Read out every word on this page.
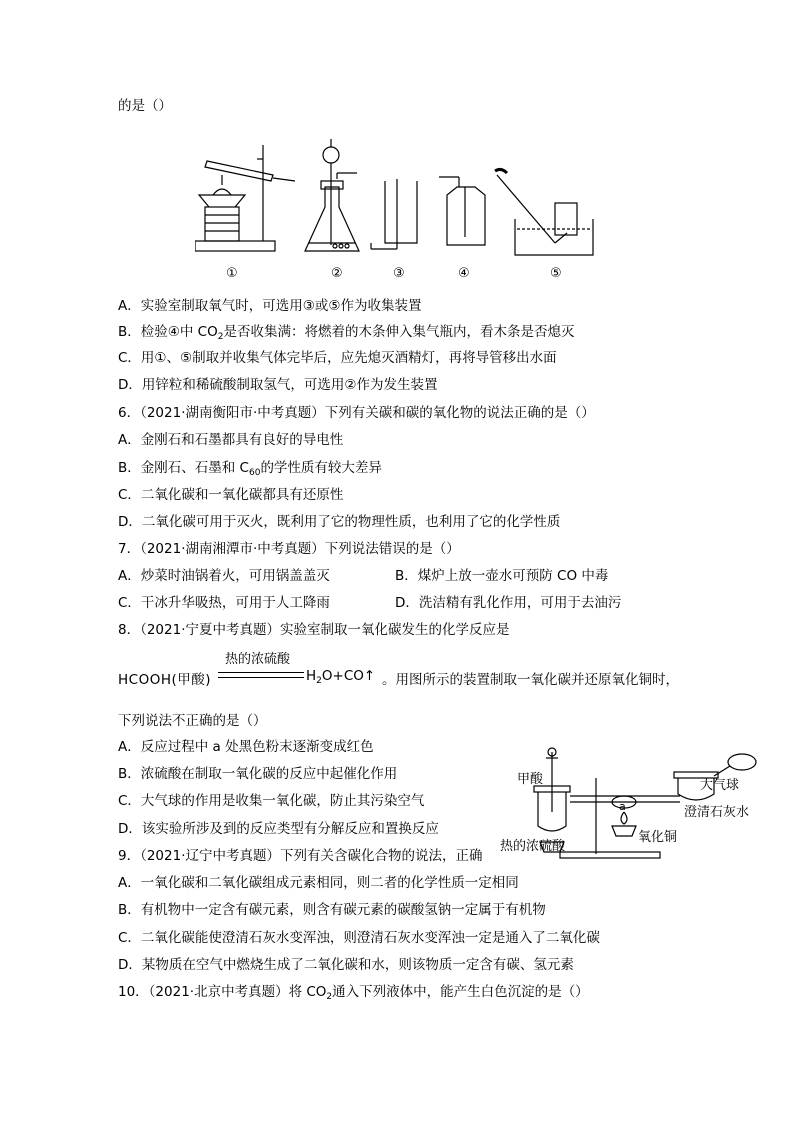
的是（）
①	②	③	④	⑤
A．实验室制取氧气时，可选用③或⑤作为收集装置
B．检验④中 $CO_2$是否收集满：将燃着的木条伸入集气瓶内，看木条是否熄灭
C．用①、⑤制取并收集气体完毕后，应先熄灭酒精灯，再将导管移出水面
D．用锌粒和稀硫酸制取氢气，可选用②作为发生装置
6．（2021·湖南衡阳市·中考真题）下列有关碳和碳的氧化物的说法正确的是（）
A．金刚石和石墨都具有良好的导电性
B．金刚石、石墨和 $C_{60}$的学性质有较大差异
C．二氧化碳和一氧化碳都具有还原性
D．二氧化碳可用于灭火，既利用了它的物理性质，也利用了它的化学性质
7．（2021·湖南湘潭市·中考真题）下列说法错误的是（）
A．炒菜时油锅着火，可用锅盖盖灭	B．煤炉上放一壶水可预防 CO 中毒
C．干冰升华吸热，可用于人工降雨	D．洗洁精有乳化作用，可用于去油污
8．（2021·宁夏中考真题）实验室制取一氧化碳发生的化学反应是
HCOOH(甲酸)
热的浓硫酸
$H_2O+CO↑$ 。用图所示的装置制取一氧化碳并还原氧化铜时，
下列说法不正确的是（）
A．反应过程中 a 处黑色粉末逐渐变成红色
B．浓硫酸在制取一氧化碳的反应中起催化作用
C．大气球的作用是收集一氧化碳，防止其污染空气
D．该实验所涉及到的反应类型有分解反应和置换反应
甲酸	大气球
澄清石灰水
a
氧化铜
热的浓硫酸
9．（2021·辽宁中考真题）下列有关含碳化合物的说法，正确
A．一氧化碳和二氧化碳组成元素相同，则二者的化学性质一定相同
B．有机物中一定含有碳元素，则含有碳元素的碳酸氢钠一定属于有机物
C．二氧化碳能使澄清石灰水变浑浊，则澄清石灰水变浑浊一定是通入了二氧化碳
D．某物质在空气中燃烧生成了二氧化碳和水，则该物质一定含有碳、氢元素
10．（2021·北京中考真题）将 $CO_2$通入下列液体中，能产生白色沉淀的是（）
